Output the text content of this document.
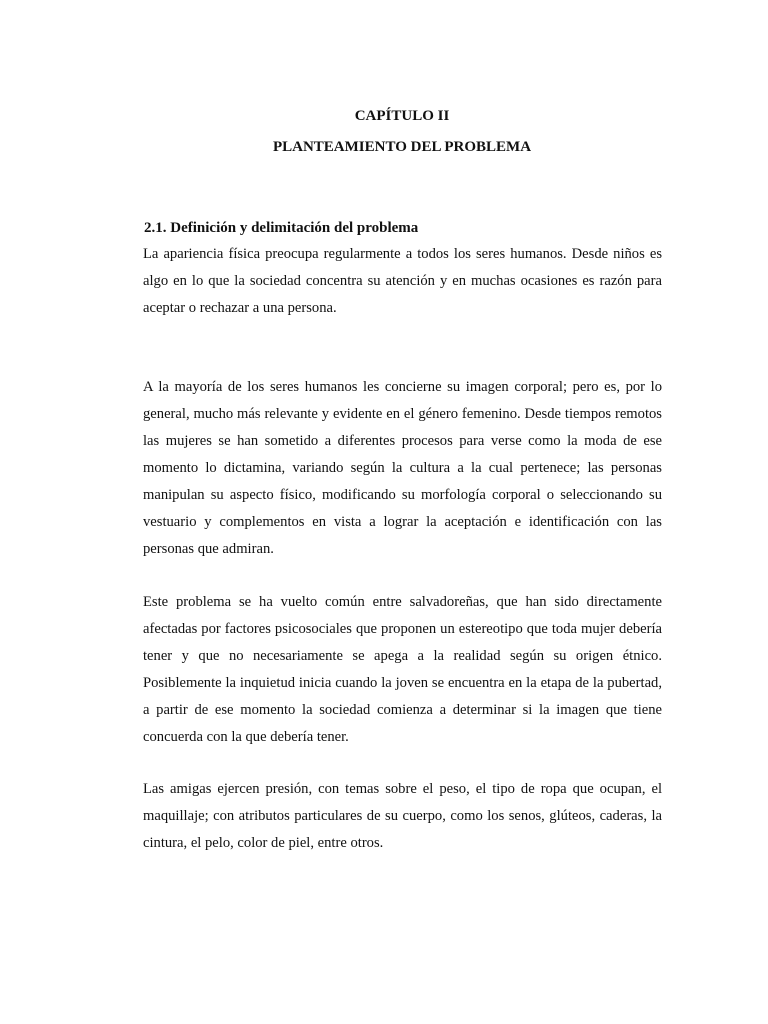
CAPÍTULO II
PLANTEAMIENTO DEL PROBLEMA
2.1. Definición y delimitación del problema

La apariencia física preocupa regularmente a todos los seres humanos. Desde niños es algo en lo que la sociedad concentra su atención y en muchas ocasiones es razón para aceptar o rechazar a una persona.

A la mayoría de los seres humanos les concierne su imagen corporal; pero es, por lo general, mucho más relevante y evidente en el género femenino. Desde tiempos remotos las mujeres se han sometido a diferentes procesos para verse como la moda de ese momento lo dictamina, variando según la cultura a la cual pertenece; las personas manipulan su aspecto físico, modificando su morfología corporal o seleccionando su vestuario y complementos en vista a lograr la aceptación e identificación con las personas que admiran.

Este problema se ha vuelto común entre salvadoreñas, que han sido directamente afectadas por factores psicosociales que proponen un estereotipo que toda mujer debería tener y que no necesariamente se apega a la realidad según su origen étnico. Posiblemente la inquietud inicia cuando la joven se encuentra en la etapa de la pubertad, a partir de ese momento la sociedad comienza a determinar si la imagen que tiene concuerda con la que debería tener.

Las amigas ejercen presión, con temas sobre el peso, el tipo de ropa que ocupan, el maquillaje; con atributos particulares de su cuerpo, como los senos, glúteos, caderas, la cintura, el pelo, color de piel, entre otros.
